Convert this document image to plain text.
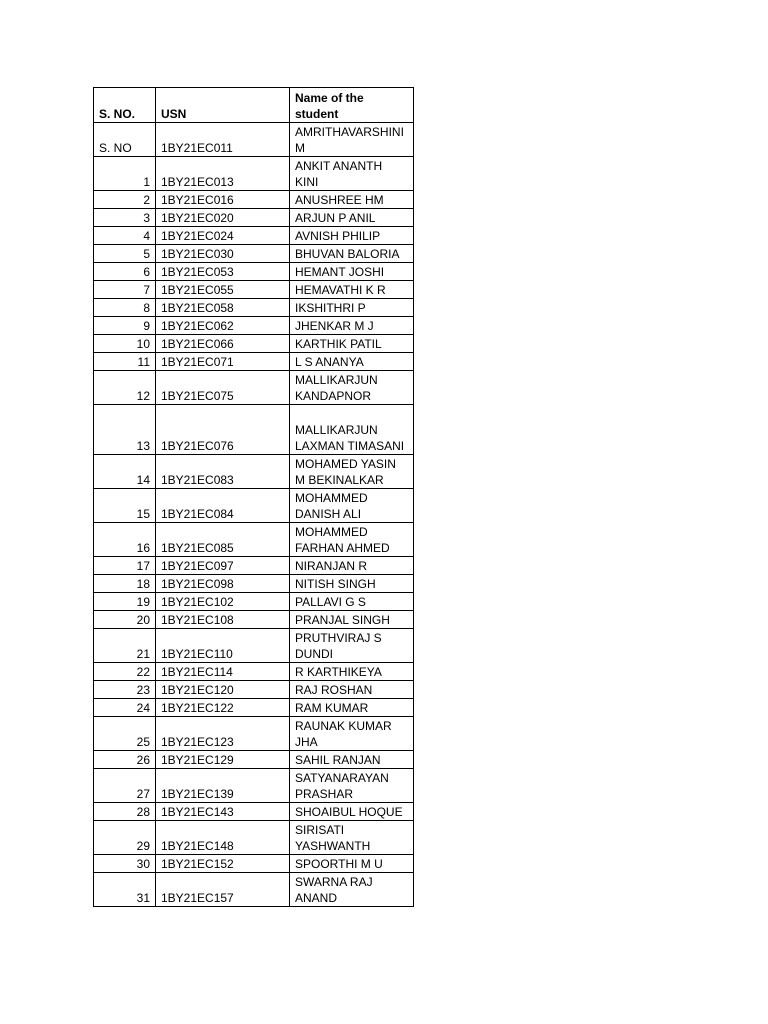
S. NO.	USN	Name of the student
S. NO	1BY21EC011	AMRITHAVARSHINI M
1	1BY21EC013	ANKIT ANANTH KINI
2	1BY21EC016	ANUSHREE HM
3	1BY21EC020	ARJUN P ANIL
4	1BY21EC024	AVNISH PHILIP
5	1BY21EC030	BHUVAN BALORIA
6	1BY21EC053	HEMANT JOSHI
7	1BY21EC055	HEMAVATHI K R
8	1BY21EC058	IKSHITHRI P
9	1BY21EC062	JHENKAR M J
10	1BY21EC066	KARTHIK PATIL
11	1BY21EC071	L S ANANYA
12	1BY21EC075	MALLIKARJUN KANDAPNOR
13	1BY21EC076	MALLIKARJUN LAXMAN TIMASANI
14	1BY21EC083	MOHAMED YASIN M BEKINALKAR
15	1BY21EC084	MOHAMMED DANISH ALI
16	1BY21EC085	MOHAMMED FARHAN AHMED
17	1BY21EC097	NIRANJAN R
18	1BY21EC098	NITISH SINGH
19	1BY21EC102	PALLAVI G S
20	1BY21EC108	PRANJAL SINGH
21	1BY21EC110	PRUTHVIRAJ S DUNDI
22	1BY21EC114	R KARTHIKEYA
23	1BY21EC120	RAJ ROSHAN
24	1BY21EC122	RAM KUMAR
25	1BY21EC123	RAUNAK KUMAR JHA
26	1BY21EC129	SAHIL RANJAN
27	1BY21EC139	SATYANARAYAN PRASHAR
28	1BY21EC143	SHOAIBUL HOQUE
29	1BY21EC148	SIRISATI YASHWANTH
30	1BY21EC152	SPOORTHI M U
31	1BY21EC157	SWARNA RAJ ANAND
